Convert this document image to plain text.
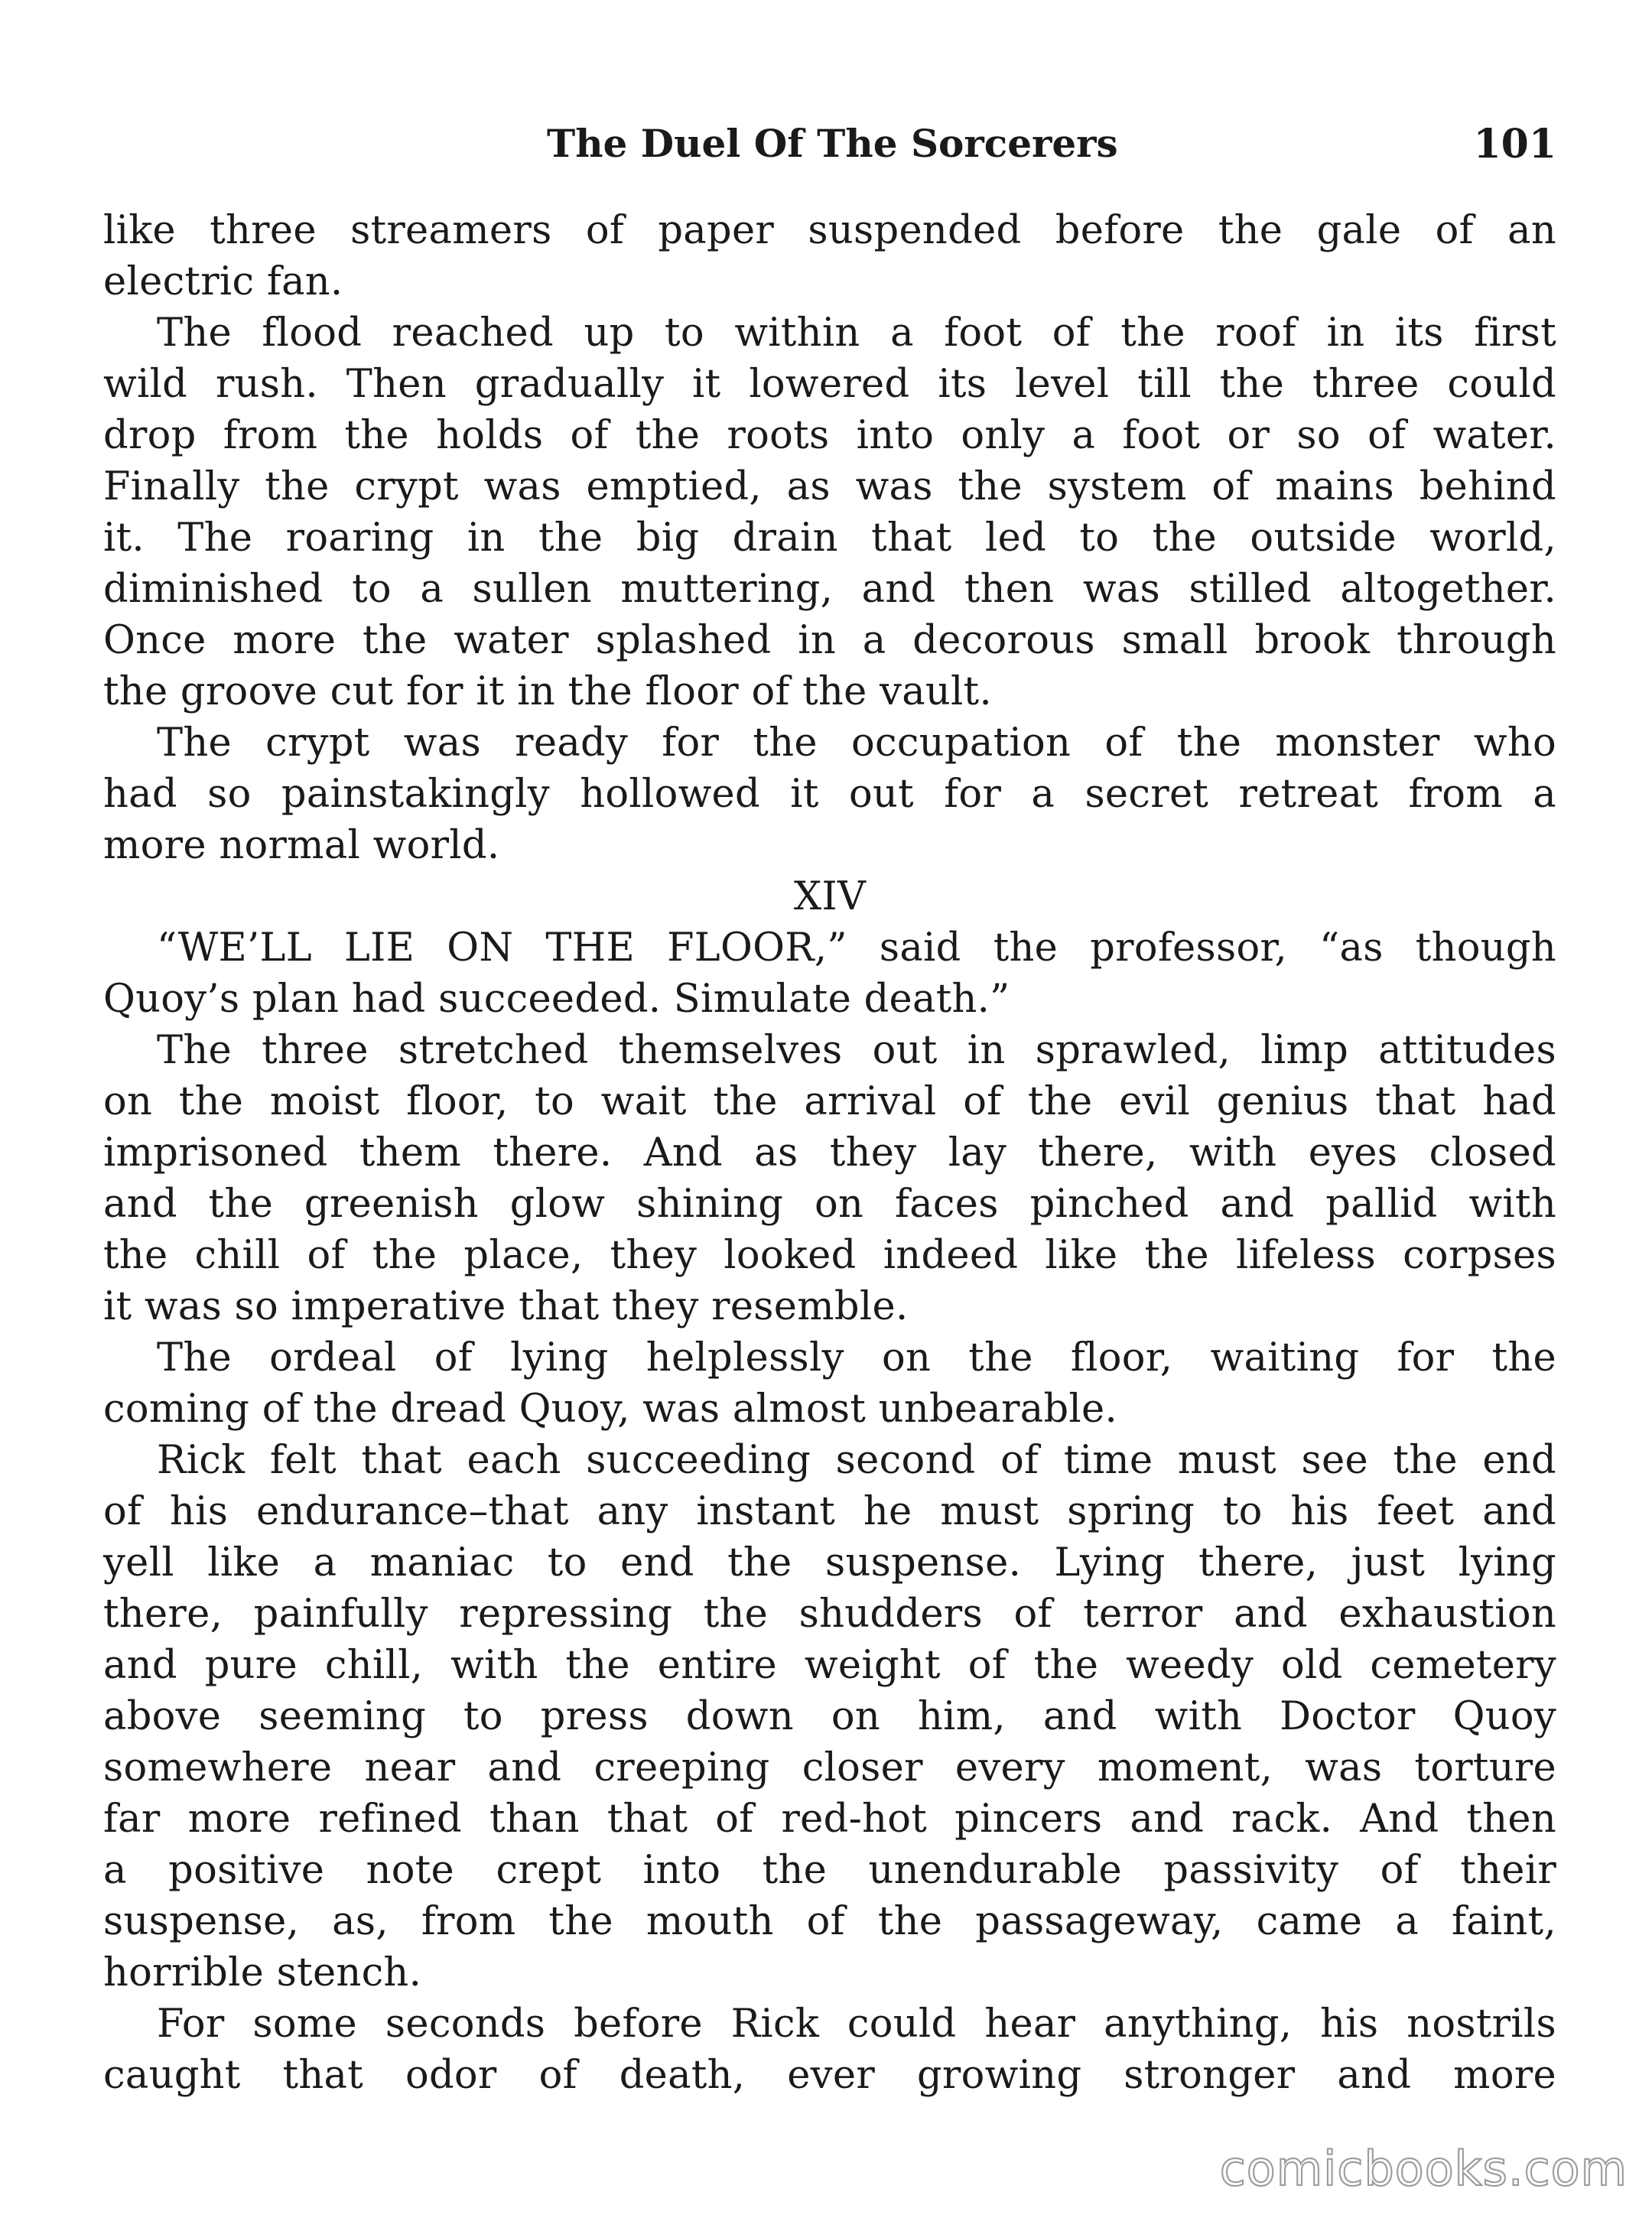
The Duel Of The Sorcerers	101
like three streamers of paper suspended before the gale of an
electric fan.
The flood reached up to within a foot of the roof in its first
wild rush. Then gradually it lowered its level till the three could
drop from the holds of the roots into only a foot or so of water.
Finally the crypt was emptied, as was the system of mains behind
it. The roaring in the big drain that led to the outside world,
diminished to a sullen muttering, and then was stilled altogether.
Once more the water splashed in a decorous small brook through
the groove cut for it in the floor of the vault.
The crypt was ready for the occupation of the monster who
had so painstakingly hollowed it out for a secret retreat from a
more normal world.
XIV
“WE’LL LIE ON THE FLOOR,” said the professor, “as though
Quoy’s plan had succeeded. Simulate death.”
The three stretched themselves out in sprawled, limp attitudes
on the moist floor, to wait the arrival of the evil genius that had
imprisoned them there. And as they lay there, with eyes closed
and the greenish glow shining on faces pinched and pallid with
the chill of the place, they looked indeed like the lifeless corpses
it was so imperative that they resemble.
The ordeal of lying helplessly on the floor, waiting for the
coming of the dread Quoy, was almost unbearable.
Rick felt that each succeeding second of time must see the end
of his endurance–that any instant he must spring to his feet and
yell like a maniac to end the suspense. Lying there, just lying
there, painfully repressing the shudders of terror and exhaustion
and pure chill, with the entire weight of the weedy old cemetery
above seeming to press down on him, and with Doctor Quoy
somewhere near and creeping closer every moment, was torture
far more refined than that of red-hot pincers and rack. And then
a positive note crept into the unendurable passivity of their
suspense, as, from the mouth of the passageway, came a faint,
horrible stench.
For some seconds before Rick could hear anything, his nostrils
caught that odor of death, ever growing stronger and more
comicbooks.com
